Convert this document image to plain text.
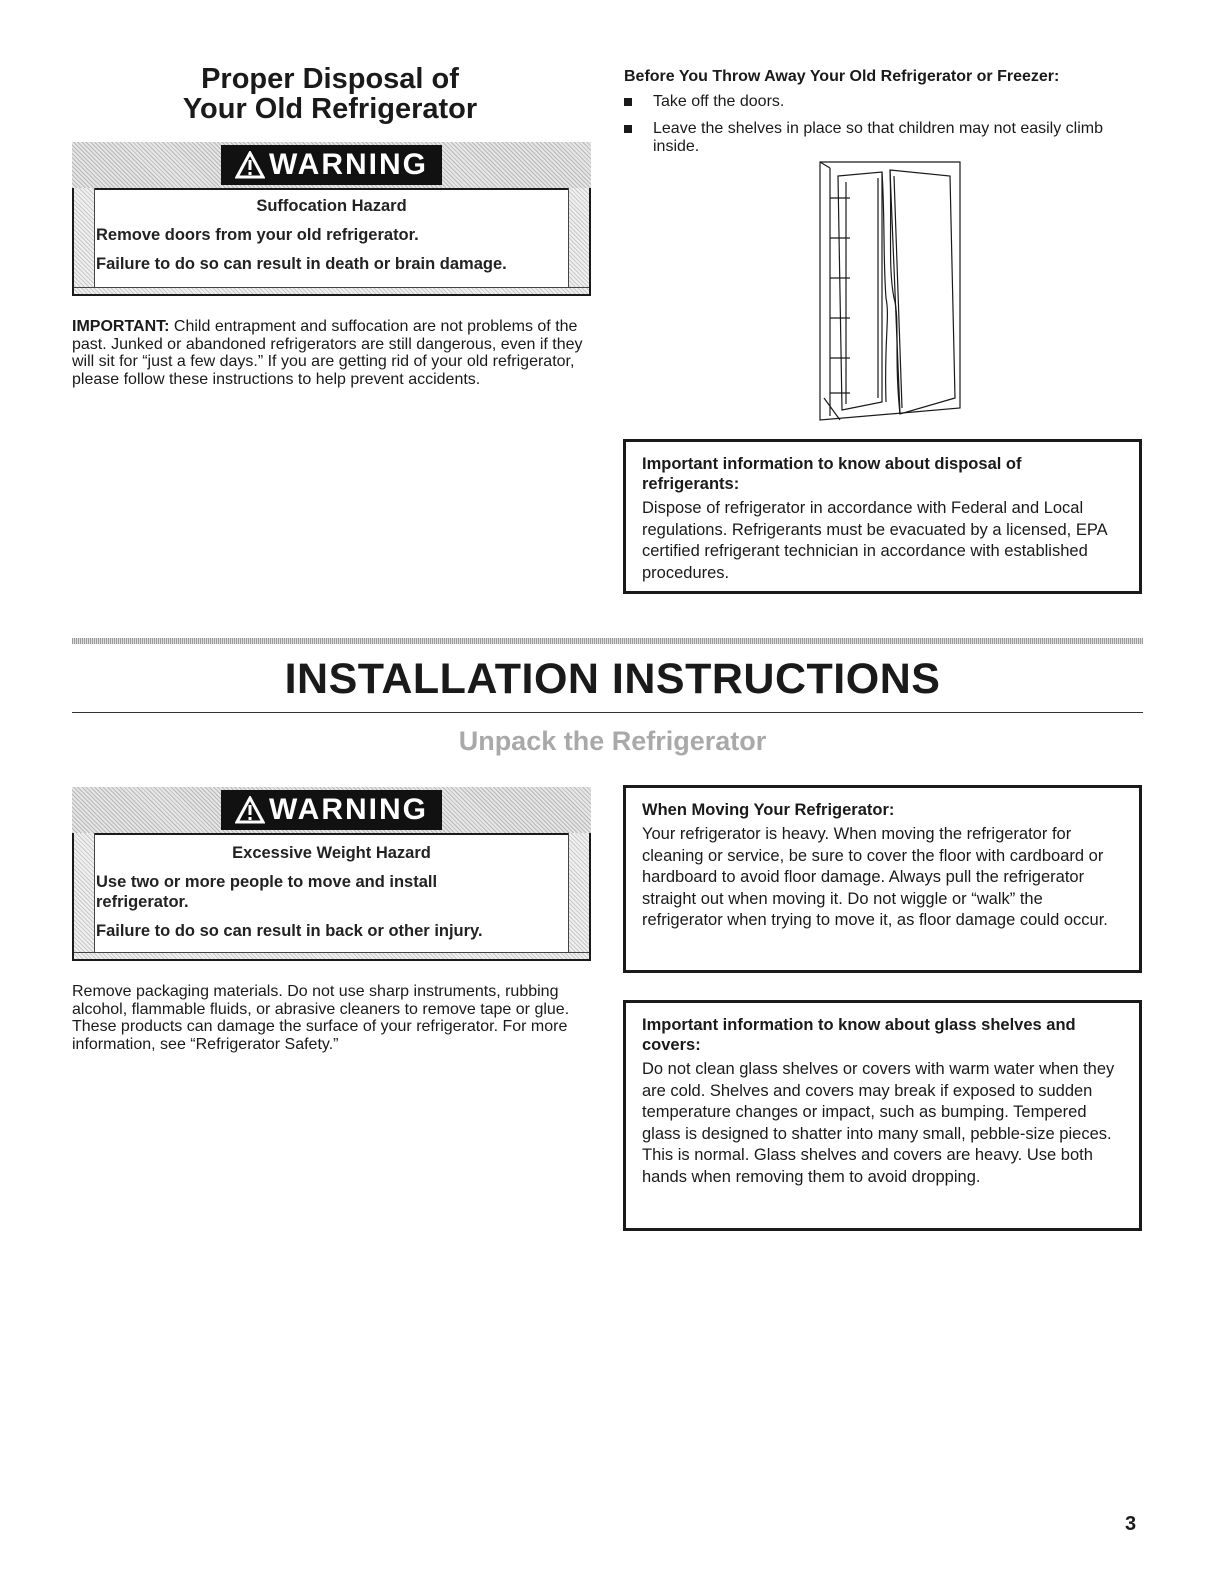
Proper Disposal of
Your Old Refrigerator
WARNING

Suffocation Hazard

Remove doors from your old refrigerator.

Failure to do so can result in death or brain damage.

IMPORTANT: Child entrapment and suffocation are not problems of the past. Junked or abandoned refrigerators are still dangerous, even if they will sit for “just a few days.” If you are getting rid of your old refrigerator, please follow these instructions to help prevent accidents.

Before You Throw Away Your Old Refrigerator or Freezer:

Take off the doors.
Leave the shelves in place so that children may not easily climb inside.

Important information to know about disposal of refrigerants:

Dispose of refrigerator in accordance with Federal and Local regulations. Refrigerants must be evacuated by a licensed, EPA certified refrigerant technician in accordance with established procedures.

INSTALLATION INSTRUCTIONS
Unpack the Refrigerator
WARNING

Excessive Weight Hazard

Use two or more people to move and install refrigerator.

Failure to do so can result in back or other injury.

Remove packaging materials. Do not use sharp instruments, rubbing alcohol, flammable fluids, or abrasive cleaners to remove tape or glue. These products can damage the surface of your refrigerator. For more information, see “Refrigerator Safety.”

When Moving Your Refrigerator:

Your refrigerator is heavy. When moving the refrigerator for cleaning or service, be sure to cover the floor with cardboard or hardboard to avoid floor damage. Always pull the refrigerator straight out when moving it. Do not wiggle or “walk” the refrigerator when trying to move it, as floor damage could occur.

Important information to know about glass shelves and covers:

Do not clean glass shelves or covers with warm water when they are cold. Shelves and covers may break if exposed to sudden temperature changes or impact, such as bumping. Tempered glass is designed to shatter into many small, pebble-size pieces. This is normal. Glass shelves and covers are heavy. Use both hands when removing them to avoid dropping.

3
